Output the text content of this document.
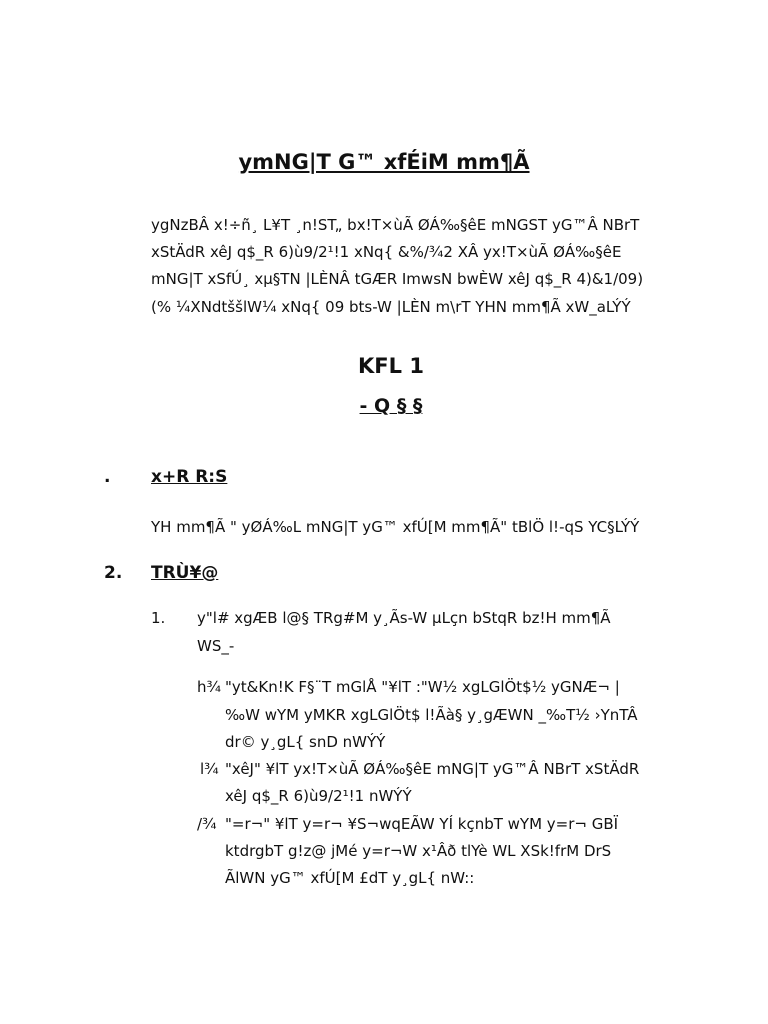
ymNG|T G™ xfÉiM mm¶Ã
ygNzBÂ x!÷ñ¸ L¥T ¸n!ST„ bx!T×ùÃ ØÁ‰§êE mNGST yG™Â NBrT
xStÄdR xêJ q$_R 6)ù9/2¹!1 xNq{ &%/¾2 XÂ yx!T×ùÃ ØÁ‰§êE
mNG|T xSfÚ¸ xµ§TN |LÈNÂ tGÆR ImwsN bwÈW xêJ q$_R 4)&1/09)
(% ¼XNdtššlW¼ xNq{ 09 bts-W |LÈN m\rT YHN mm¶Ã xW_aLÝÝ
KFL 1
- Q § §
. x+R R:S
YH mm¶Ã " yØÁ‰L mNG|T yG™ xfÚ[M mm¶Ã" tBlÖ l!-qS YC§LÝÝ
2. TRÙ¥@
1. y"l# xgÆB l@§ TRg#M y¸Ãs-W µLçn bStqR bz!H mm¶Ã
WS_-
h¾ "yt&Kn!K F§¨T mGlÅ "¥lT :"W½ xgLGlÖt$½ yGNÆ¬ |
‰W wYM yMKR xgLGlÖt$ l!Ãà§ y¸gÆWN _‰T½ ›YnTÂ
dr© y¸gL{ snD nWÝÝ
l¾ "xêJ" ¥lT yx!T×ùÃ ØÁ‰§êE mNG|T yG™Â NBrT xStÄdR
xêJ q$_R 6)ù9/2¹!1 nWÝÝ
/¾ "=r¬" ¥lT y=r¬ ¥S¬wqEÃW YÍ kçnbT wYM y=r¬ GBÏ
ktdrgbT g!z@ jMé y=r¬W x¹Âð tlYè WL XSk!frM DrS
ÃlWN yG™ xfÚ[M £dT y¸gL{ nW::
